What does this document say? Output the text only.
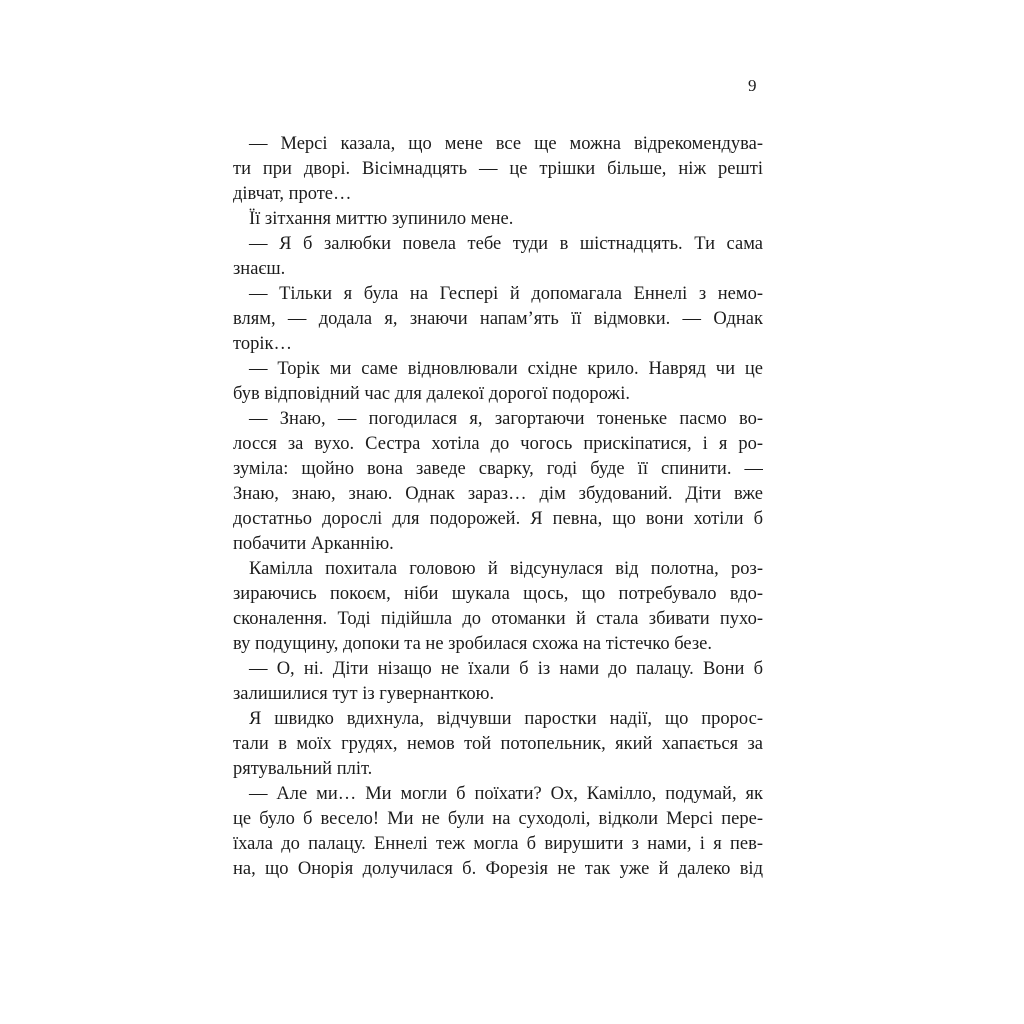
9
— Мерсі казала, що мене все ще можна відрекомендува-
ти при дворі. Вісімнадцять — це трішки більше, ніж решті
дівчат, проте…
Її зітхання миттю зупинило мене.
— Я б залюбки повела тебе туди в шістнадцять. Ти сама
знаєш.
— Тільки я була на Геспері й допомагала Еннелі з немо-
влям, — додала я, знаючи напам’ять її відмовки. — Однак
торік…
— Торік ми саме відновлювали східне крило. Навряд чи це
був відповідний час для далекої дорогої подорожі.
— Знаю, — погодилася я, загортаючи тоненьке пасмо во-
лосся за вухо. Сестра хотіла до чогось прискіпатися, і я ро-
зуміла: щойно вона заведе сварку, годі буде її спинити. —
Знаю, знаю, знаю. Однак зараз… дім збудований. Діти вже
достатньо дорослі для подорожей. Я певна, що вони хотіли б
побачити Арканнію.
Камілла похитала головою й відсунулася від полотна, роз-
зираючись покоєм, ніби шукала щось, що потребувало вдо-
сконалення. Тоді підійшла до отоманки й стала збивати пухо-
ву подущину, допоки та не зробилася схожа на тістечко безе.
— О, ні. Діти нізащо не їхали б із нами до палацу. Вони б
залишилися тут із гувернанткою.
Я швидко вдихнула, відчувши паростки надії, що пророс-
тали в моїх грудях, немов той потопельник, який хапається за
рятувальний пліт.
— Але ми… Ми могли б поїхати? Ох, Камілло, подумай, як
це було б весело! Ми не були на суходолі, відколи Мерсі пере-
їхала до палацу. Еннелі теж могла б вирушити з нами, і я пев-
на, що Онорія долучилася б. Форезія не так уже й далеко від
